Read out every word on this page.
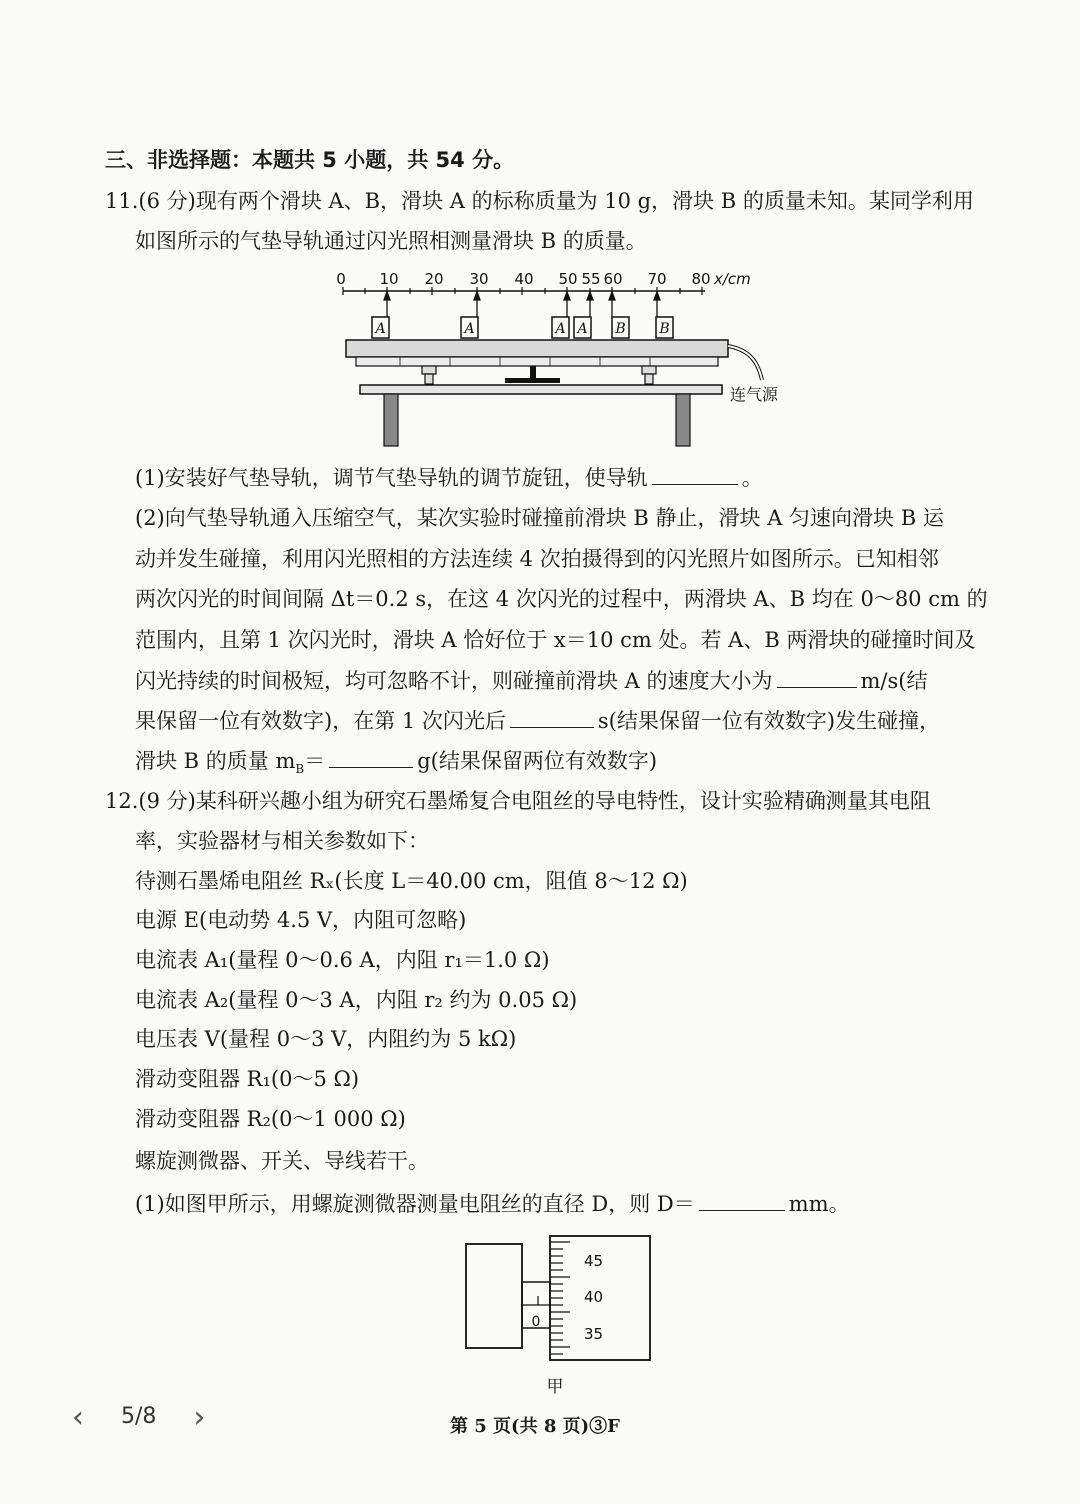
三、非选择题：本题共 5 小题，共 54 分。
11.(6 分)现有两个滑块 A、B，滑块 A 的标称质量为 10 g，滑块 B 的质量未知。某同学利用
如图所示的气垫导轨通过闪光照相测量滑块 B 的质量。
0 10 20 30 40 50 55 60 70 80 x/cm
A	A	A A B B
连气源
(1)安装好气垫导轨，调节气垫导轨的调节旋钮，使导轨	。
(2)向气垫导轨通入压缩空气，某次实验时碰撞前滑块 B 静止，滑块 A 匀速向滑块 B 运
动并发生碰撞，利用闪光照相的方法连续 4 次拍摄得到的闪光照片如图所示。已知相邻
两次闪光的时间间隔 Δt＝0.2 s，在这 4 次闪光的过程中，两滑块 A、B 均在 0～80 cm 的
范围内，且第 1 次闪光时，滑块 A 恰好位于 x＝10 cm 处。若 A、B 两滑块的碰撞时间及
闪光持续的时间极短，均可忽略不计，则碰撞前滑块 A 的速度大小为	m/s(结
果保留一位有效数字)，在第 1 次闪光后	s(结果保留一位有效数字)发生碰撞，
滑块 B 的质量 $m_B=$	g(结果保留两位有效数字)
12.(9 分)某科研兴趣小组为研究石墨烯复合电阻丝的导电特性，设计实验精确测量其电阻
率，实验器材与相关参数如下：
待测石墨烯电阻丝 Rₓ(长度 L＝40.00 cm，阻值 8～12 Ω)
电源 E(电动势 4.5 V，内阻可忽略)
电流表 A₁(量程 0～0.6 A，内阻 r₁＝1.0 Ω)
电流表 A₂(量程 0～3 A，内阻 r₂ 约为 0.05 Ω)
电压表 V(量程 0～3 V，内阻约为 5 kΩ)
滑动变阻器 R₁(0～5 Ω)
滑动变阻器 R₂(0～1 000 Ω)
螺旋测微器、开关、导线若干。
(1)如图甲所示，用螺旋测微器测量电阻丝的直径 D，则 D＝	mm。
0
45
40
35
甲
‹ 5/8 ›	第 5 页(共 8 页)③F
